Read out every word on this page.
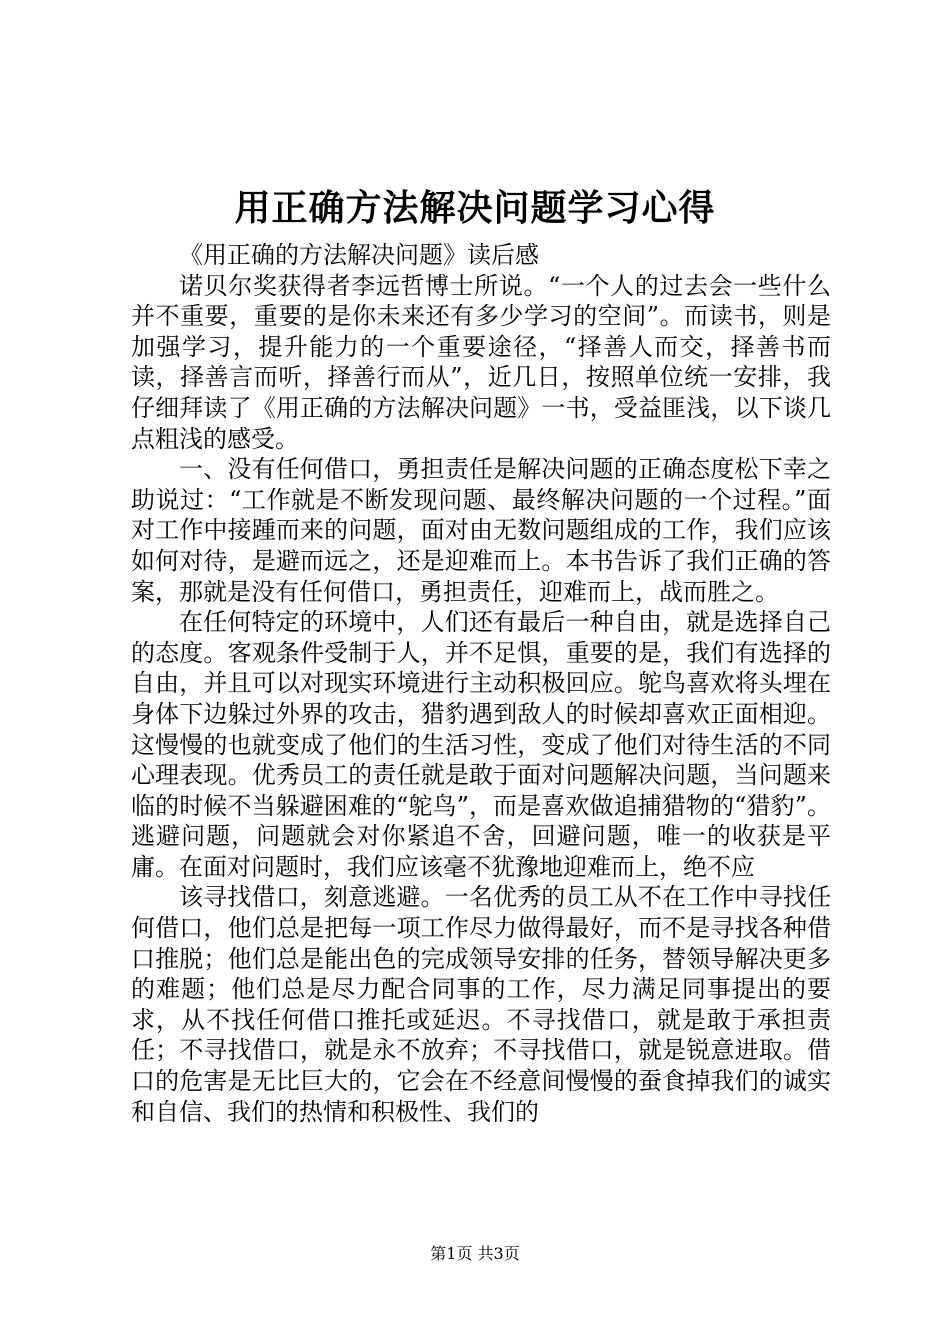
用正确方法解决问题学习心得

《用正确的方法解决问题》读后感

诺贝尔奖获得者李远哲博士所说。“一个人的过去会一些什么并不重要，重要的是你未来还有多少学习的空间”。而读书，则是加强学习，提升能力的一个重要途径，“择善人而交，择善书而读，择善言而听，择善行而从”，近几日，按照单位统一安排，我仔细拜读了《用正确的方法解决问题》一书，受益匪浅，以下谈几点粗浅的感受。

一、没有任何借口，勇担责任是解决问题的正确态度松下幸之助说过：“工作就是不断发现问题、最终解决问题的一个过程。”面对工作中接踵而来的问题，面对由无数问题组成的工作，我们应该如何对待，是避而远之，还是迎难而上。本书告诉了我们正确的答案，那就是没有任何借口，勇担责任，迎难而上，战而胜之。

在任何特定的环境中，人们还有最后一种自由，就是选择自己的态度。客观条件受制于人，并不足惧，重要的是，我们有选择的自由，并且可以对现实环境进行主动积极回应。鸵鸟喜欢将头埋在身体下边躲过外界的攻击，猎豹遇到敌人的时候却喜欢正面相迎。这慢慢的也就变成了他们的生活习性，变成了他们对待生活的不同心理表现。优秀员工的责任就是敢于面对问题解决问题，当问题来临的时候不当躲避困难的“鸵鸟”，而是喜欢做追捕猎物的“猎豹”。逃避问题，问题就会对你紧追不舍，回避问题，唯一的收获是平庸。在面对问题时，我们应该毫不犹豫地迎难而上，绝不应

该寻找借口，刻意逃避。一名优秀的员工从不在工作中寻找任何借口，他们总是把每一项工作尽力做得最好，而不是寻找各种借口推脱；他们总是能出色的完成领导安排的任务，替领导解决更多的难题；他们总是尽力配合同事的工作，尽力满足同事提出的要求，从不找任何借口推托或延迟。不寻找借口，就是敢于承担责任；不寻找借口，就是永不放弃；不寻找借口，就是锐意进取。借口的危害是无比巨大的，它会在不经意间慢慢的蚕食掉我们的诚实和自信、我们的热情和积极性、我们的

第1页 共3页
